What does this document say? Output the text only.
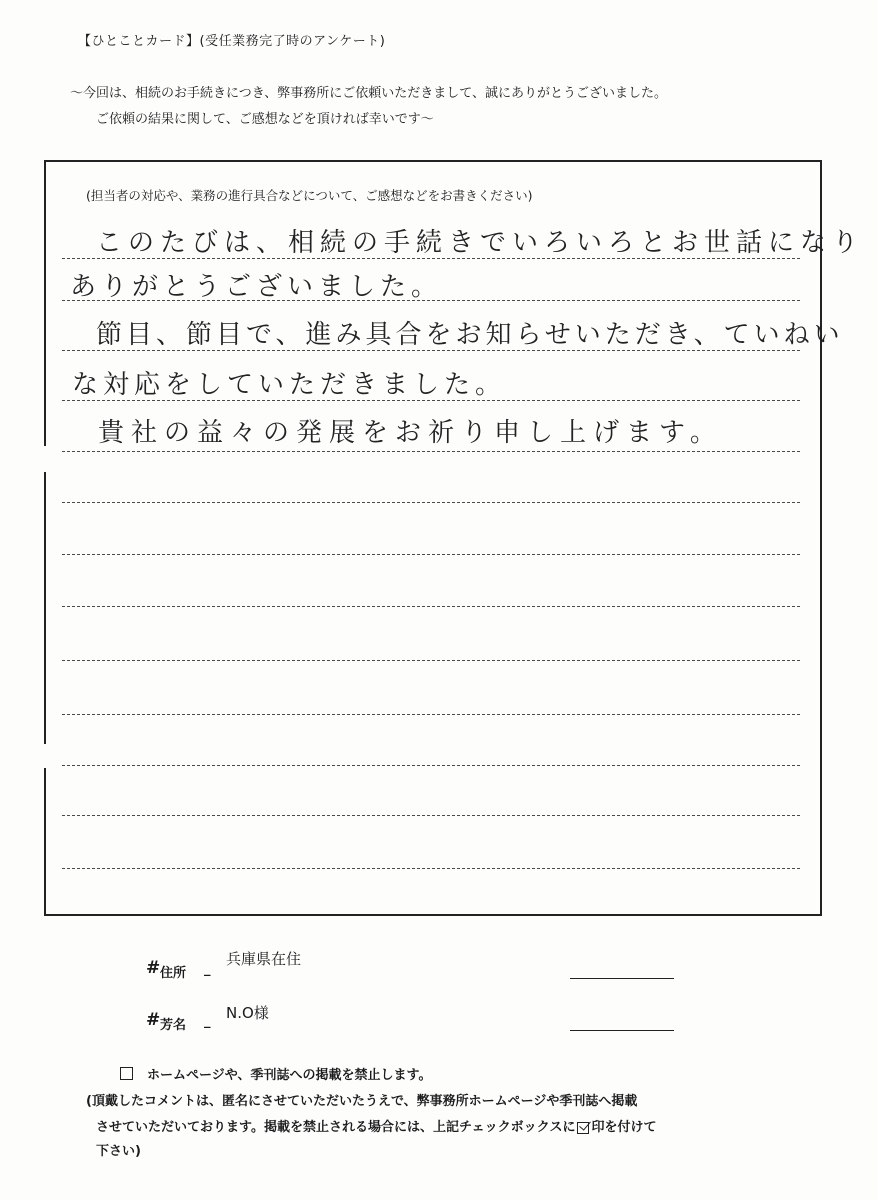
【ひとことカード】(受任業務完了時のアンケート)
～今回は、相続のお手続きにつき、弊事務所にご依頼いただきまして、誠にありがとうございました。
ご依頼の結果に関して、ご感想などを頂ければ幸いです～
(担当者の対応や、業務の進行具合などについて、ご感想などをお書きください)
このたびは、相続の手続きでいろいろとお世話になり
ありがとうございました。
節目、節目で、進み具合をお知らせいただき、ていねい
な対応をしていただきました。
貴社の益々の発展をお祈り申し上げます。
# 住所 _
兵庫県在住
# 芳名 _ N.O様
ホームページや、季刊誌への掲載を禁止します。
(頂戴したコメントは、匿名にさせていただいたうえで、弊事務所ホームページや季刊誌へ掲載
させていただいております。掲載を禁止される場合には、上記チェックボックスに 印を付けて
下さい)
